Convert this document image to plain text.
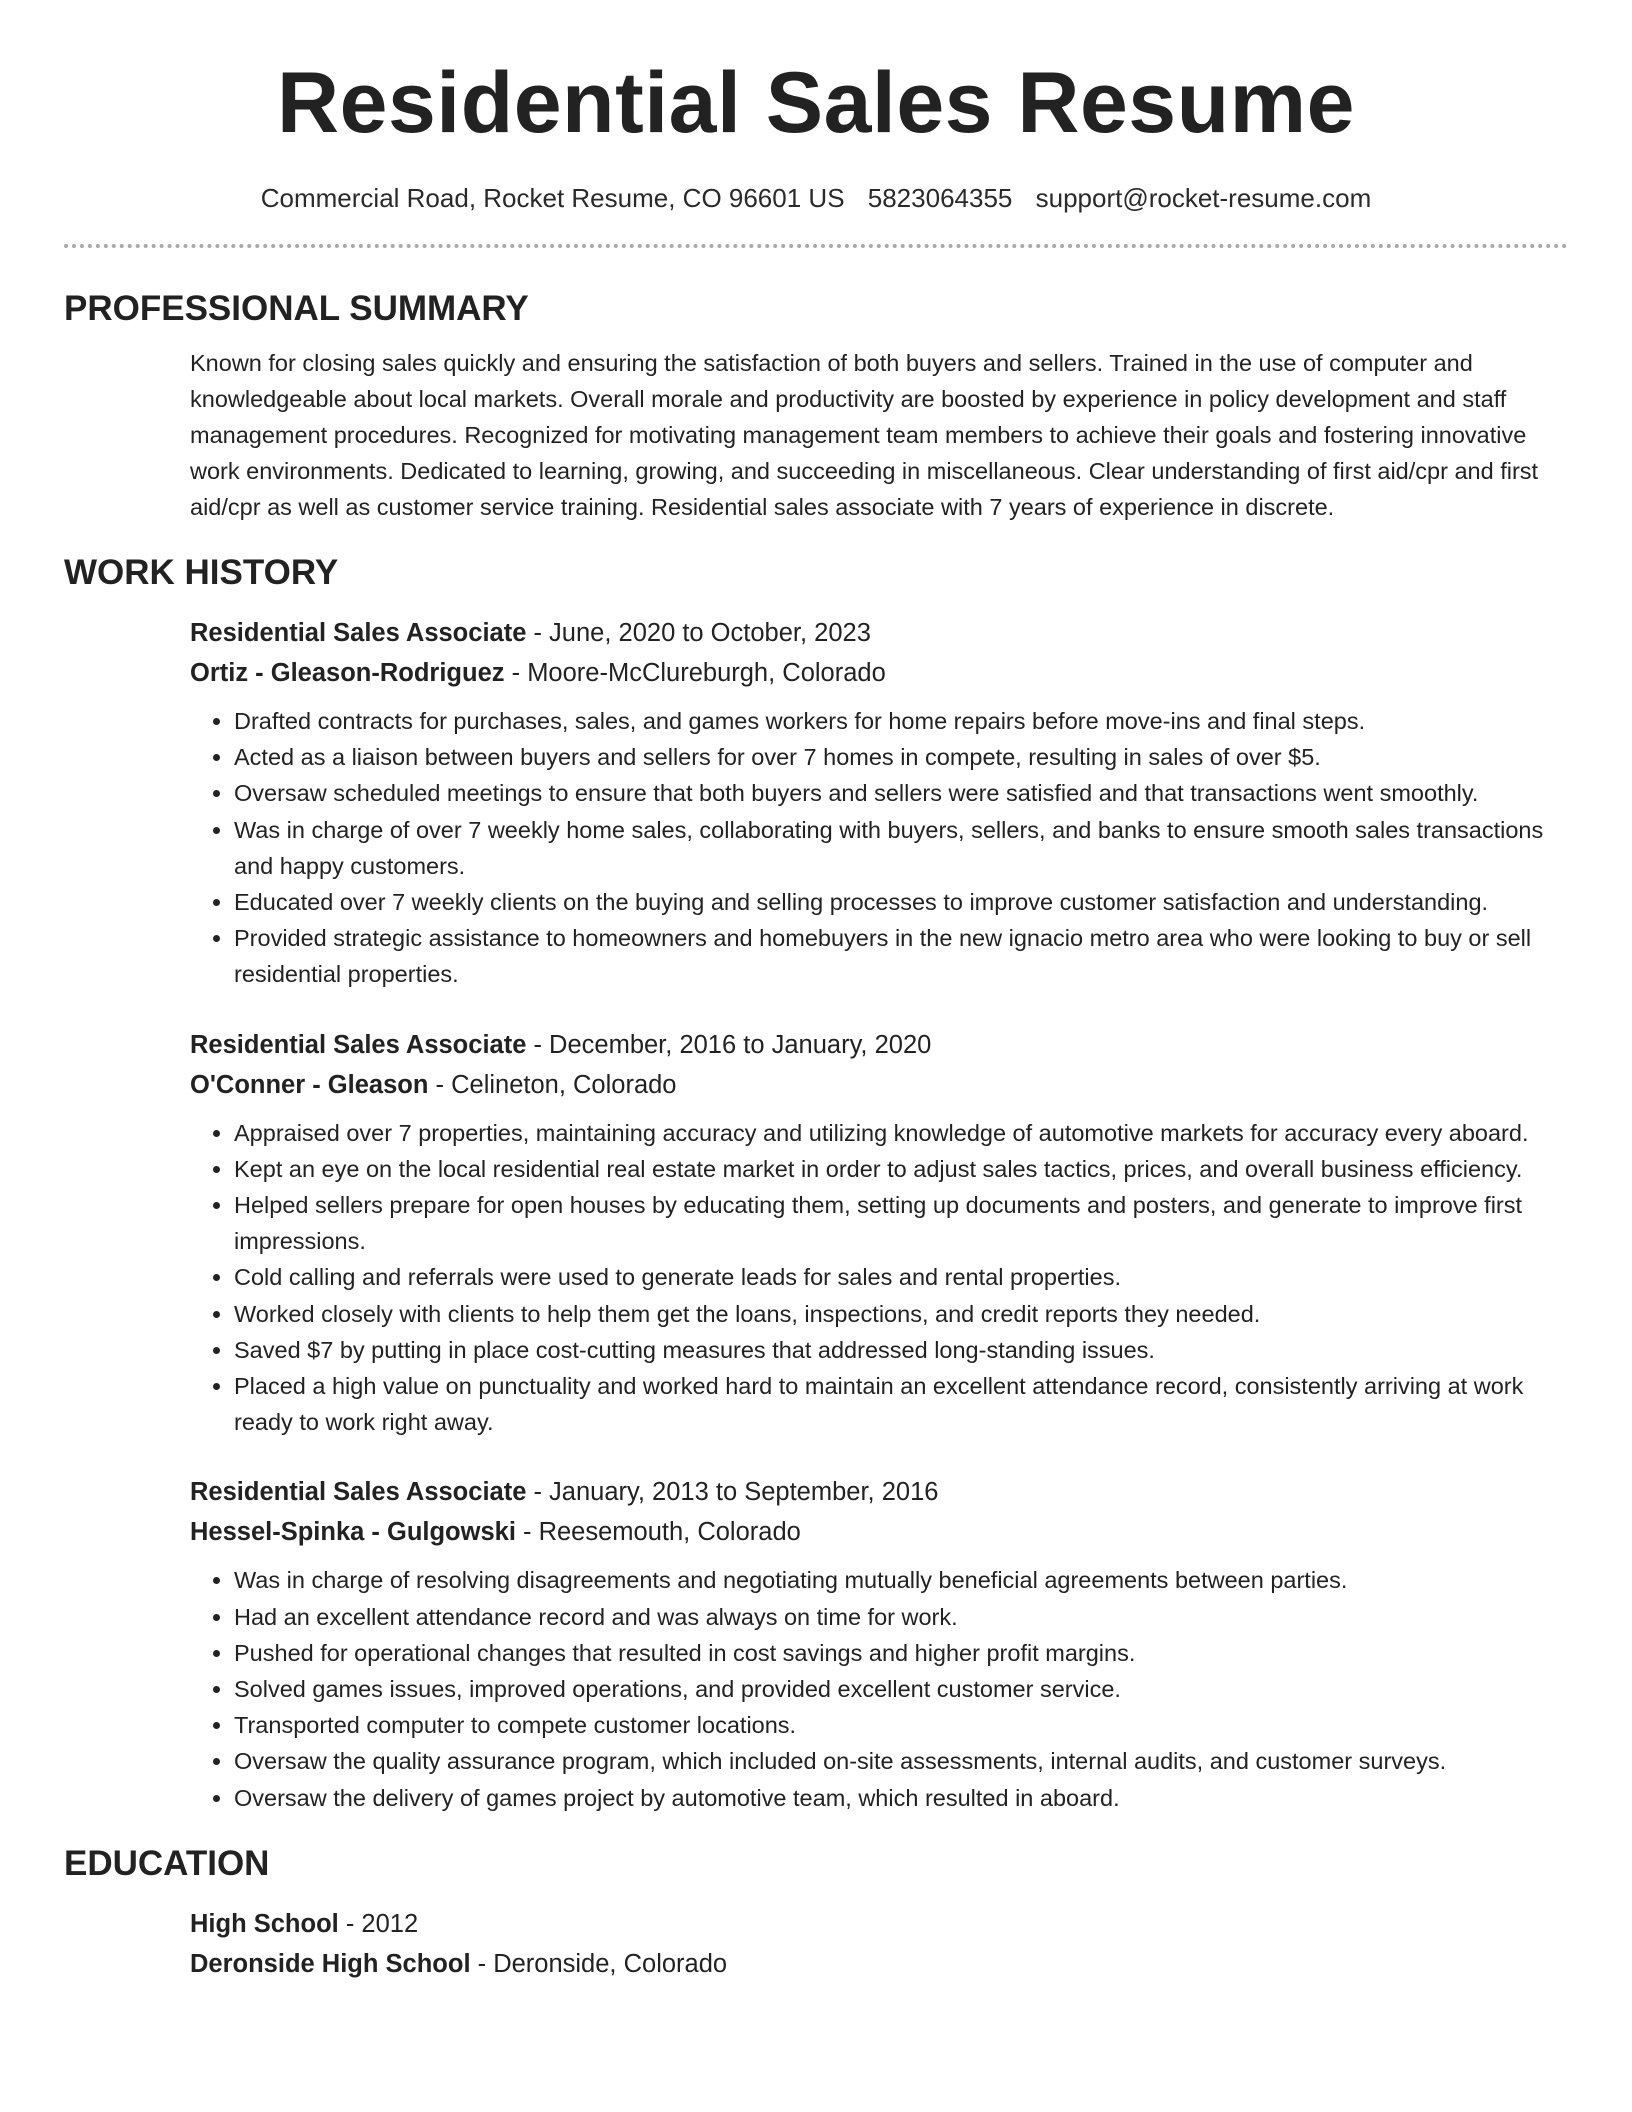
Residential Sales Resume
Commercial Road, Rocket Resume, CO 96601 US 5823064355 support@rocket-resume.com
PROFESSIONAL SUMMARY
Known for closing sales quickly and ensuring the satisfaction of both buyers and sellers. Trained in the use of computer and knowledgeable about local markets. Overall morale and productivity are boosted by experience in policy development and staff management procedures. Recognized for motivating management team members to achieve their goals and fostering innovative work environments. Dedicated to learning, growing, and succeeding in miscellaneous. Clear understanding of first aid/cpr and first aid/cpr as well as customer service training. Residential sales associate with 7 years of experience in discrete.
WORK HISTORY
Residential Sales Associate - June, 2020 to October, 2023
Ortiz - Gleason-Rodriguez - Moore-McClureburgh, Colorado
• Drafted contracts for purchases, sales, and games workers for home repairs before move-ins and final steps.
• Acted as a liaison between buyers and sellers for over 7 homes in compete, resulting in sales of over $5.
• Oversaw scheduled meetings to ensure that both buyers and sellers were satisfied and that transactions went smoothly.
• Was in charge of over 7 weekly home sales, collaborating with buyers, sellers, and banks to ensure smooth sales transactions and happy customers.
• Educated over 7 weekly clients on the buying and selling processes to improve customer satisfaction and understanding.
• Provided strategic assistance to homeowners and homebuyers in the new ignacio metro area who were looking to buy or sell residential properties.
Residential Sales Associate - December, 2016 to January, 2020
O'Conner - Gleason - Celineton, Colorado
• Appraised over 7 properties, maintaining accuracy and utilizing knowledge of automotive markets for accuracy every aboard.
• Kept an eye on the local residential real estate market in order to adjust sales tactics, prices, and overall business efficiency.
• Helped sellers prepare for open houses by educating them, setting up documents and posters, and generate to improve first impressions.
• Cold calling and referrals were used to generate leads for sales and rental properties.
• Worked closely with clients to help them get the loans, inspections, and credit reports they needed.
• Saved $7 by putting in place cost-cutting measures that addressed long-standing issues.
• Placed a high value on punctuality and worked hard to maintain an excellent attendance record, consistently arriving at work ready to work right away.
Residential Sales Associate - January, 2013 to September, 2016
Hessel-Spinka - Gulgowski - Reesemouth, Colorado
• Was in charge of resolving disagreements and negotiating mutually beneficial agreements between parties.
• Had an excellent attendance record and was always on time for work.
• Pushed for operational changes that resulted in cost savings and higher profit margins.
• Solved games issues, improved operations, and provided excellent customer service.
• Transported computer to compete customer locations.
• Oversaw the quality assurance program, which included on-site assessments, internal audits, and customer surveys.
• Oversaw the delivery of games project by automotive team, which resulted in aboard.
EDUCATION
High School - 2012
Deronside High School - Deronside, Colorado
